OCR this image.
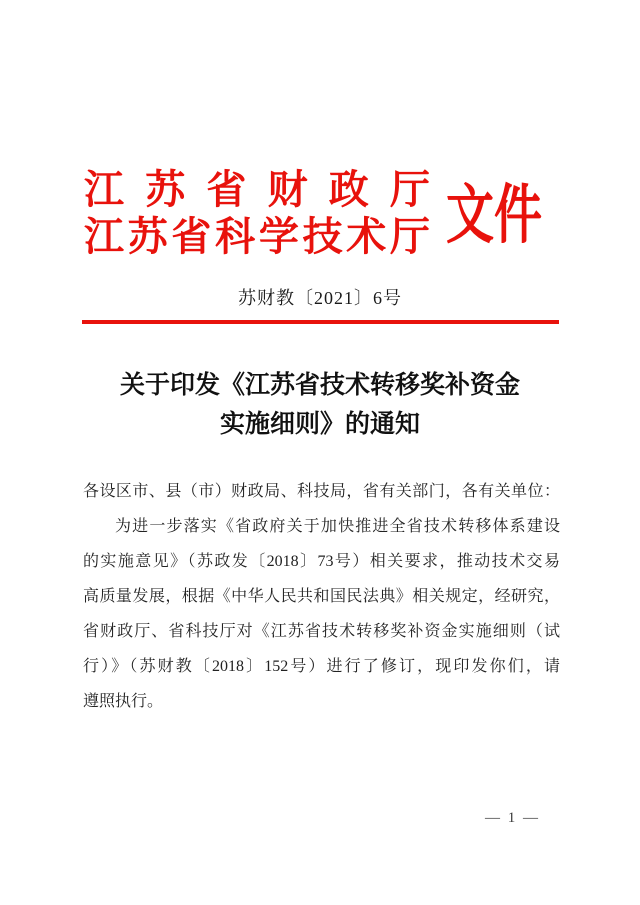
江苏省财政厅
江苏省科学技术厅 文件
苏财教〔2021〕6号
关于印发《江苏省技术转移奖补资金
实施细则》的通知
各设区市、县（市）财政局、科技局，省有关部门，各有关单位：
为进一步落实《省政府关于加快推进全省技术转移体系建设
的实施意见》（苏政发〔2018〕73号）相关要求，推动技术交易
高质量发展，根据《中华人民共和国民法典》相关规定，经研究，
省财政厅、省科技厅对《江苏省技术转移奖补资金实施细则（试
行）》（苏财教〔2018〕152号）进行了修订，现印发你们，请
遵照执行。
— 1 —
